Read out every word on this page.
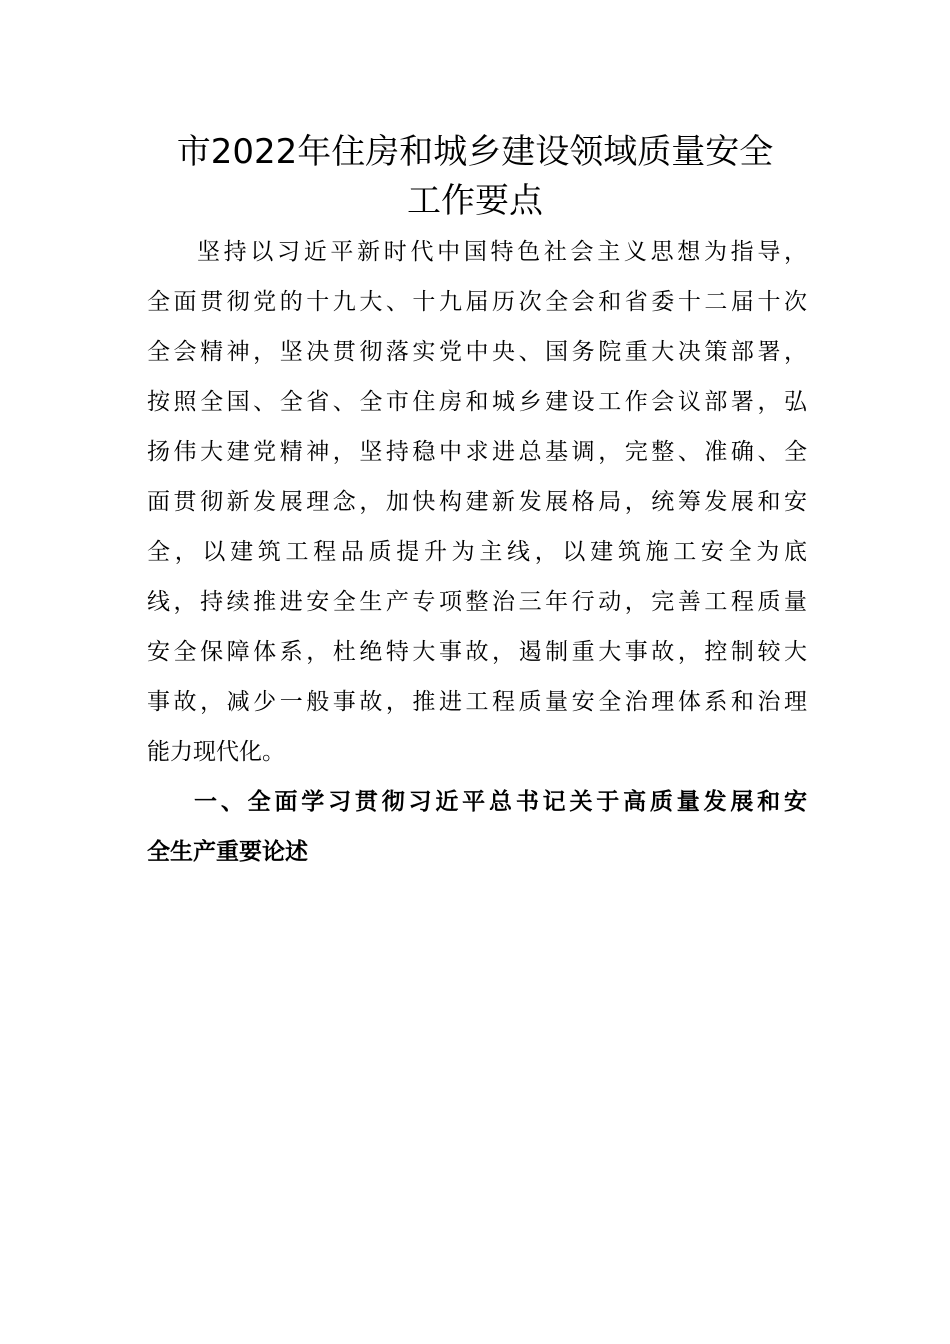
市2022年住房和城乡建设领域质量安全
工作要点
坚持以习近平新时代中国特色社会主义思想为指导，
全面贯彻党的十九大、十九届历次全会和省委十二届十次
全会精神，坚决贯彻落实党中央、国务院重大决策部署，
按照全国、全省、全市住房和城乡建设工作会议部署，弘
扬伟大建党精神，坚持稳中求进总基调，完整、准确、全
面贯彻新发展理念，加快构建新发展格局，统筹发展和安
全，以建筑工程品质提升为主线，以建筑施工安全为底
线，持续推进安全生产专项整治三年行动，完善工程质量
安全保障体系，杜绝特大事故，遏制重大事故，控制较大
事故，减少一般事故，推进工程质量安全治理体系和治理
能力现代化。
一、全面学习贯彻习近平总书记关于高质量发展和安
全生产重要论述
